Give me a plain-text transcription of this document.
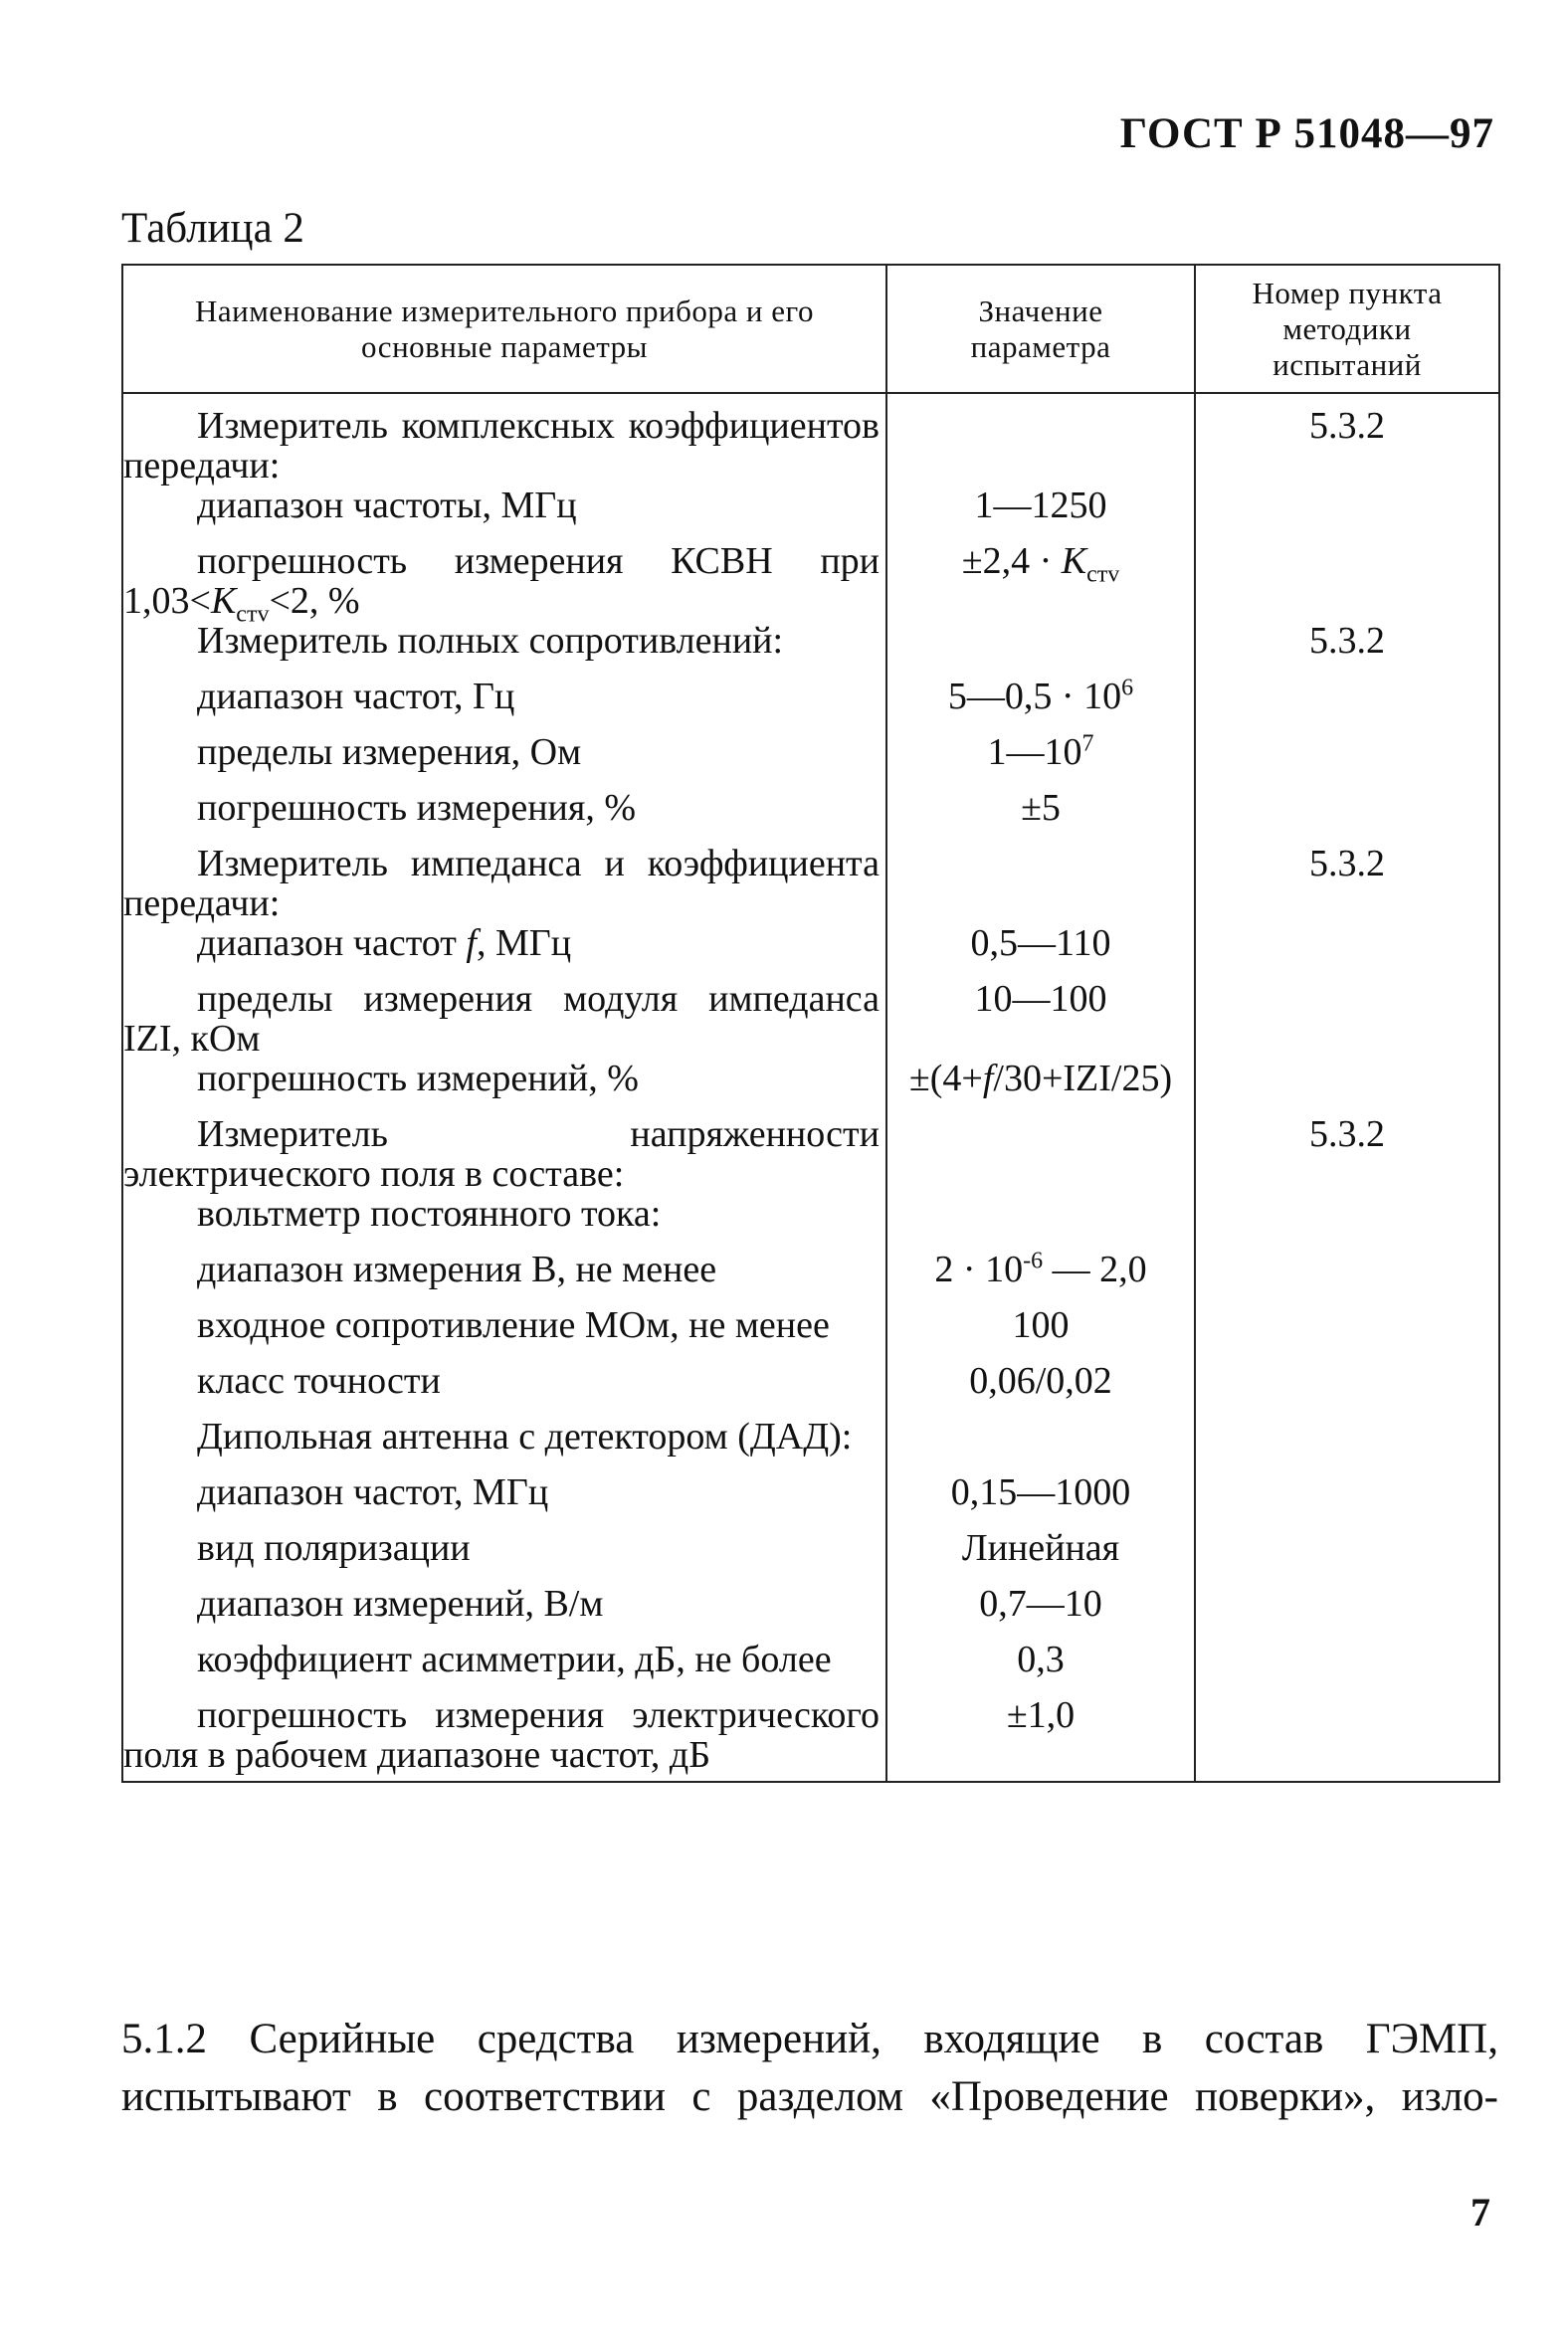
ГОСТ Р 51048—97
Таблица 2
Наименование измерительного прибора и его основные параметры	Значение параметра	Номер пункта методики испытаний

Измеритель комплексных коэффициентов передачи:		5.3.2

диапазон частоты, МГц	1—1250	

погрешность измерения КСВН при $1,03<K_{стv}<2$, %	$\pm 2,4 \cdot K_{стv}$	

Измеритель полных сопротивлений:		5.3.2

диапазон частот, Гц	5—0,5 · $10^6$	

пределы измерения, Ом	$1—10^7$	

погрешность измерения, %	±5	

Измеритель импеданса и коэффициента передачи:		5.3.2

диапазон частот f, МГц	0,5—110	

пределы измерения модуля импеданса IZI, кОм	10—100	

погрешность измерений, %	±(4+f/30+IZI/25)	

Измеритель напряженности электрического поля в составе:		5.3.2

вольтметр постоянного тока:		

диапазон измерения В, не менее	$2 \cdot 10^{-6}$ — 2,0	

входное сопротивление МОм, не менее	100	

класс точности	0,06/0,02	

Дипольная антенна с детектором (ДАД):		

диапазон частот, МГц	0,15—1000	

вид поляризации	Линейная	

диапазон измерений, В/м	0,7—10	

коэффициент асимметрии, дБ, не более	0,3	

погрешность измерения электрического поля в рабочем диапазоне частот, дБ	±1,0	
5.1.2 Серийные средства измерений, входящие в состав ГЭМП,
испытывают в соответствии с разделом «Проведение поверки», изло-
7
